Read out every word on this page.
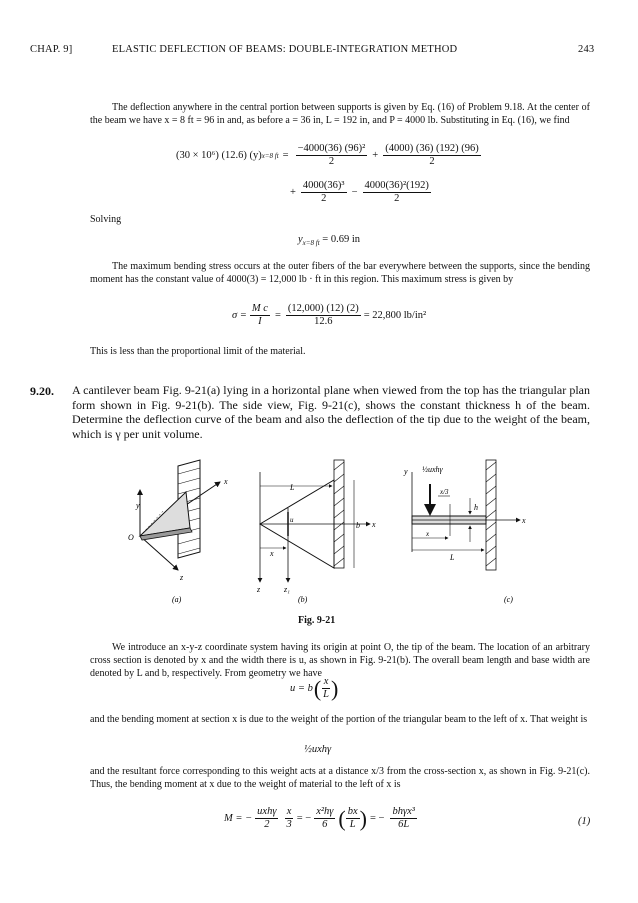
CHAP. 9]	ELASTIC DEFLECTION OF BEAMS: DOUBLE-INTEGRATION METHOD	243
The deflection anywhere in the central portion between supports is given by Eq. (16) of Problem 9.18. At the center of the beam we have x = 8 ft = 96 in and, as before a = 36 in, L = 192 in, and P = 4000 lb. Substituting in Eq. (16), we find
(30 × 10⁶) (12.6) (y) x=8 ft = $\frac{\text{−4000(36) (96)²}}{2} + \frac{(4000) (36) (192) (96)}{2}$
+ $\frac{\text{4000(36)³}}{2} - \frac{\text{4000(36)²(192)}}{2}$
Solving
$y_{x=8 ft} = 0.69$ in
The maximum bending stress occurs at the outer fibers of the bar everywhere between the supports, since the bending moment has the constant value of 4000(3) = 12,000 lb · ft in this region. This maximum stress is given by
$\sigma = \frac{\text{M c}}{I} = \frac{(12,000) (12) (2)}{12.6} = 22,800$ lb/in²
This is less than the proportional limit of the material.
9.20. A cantilever beam Fig. 9-21(a) lying in a horizontal plane when viewed from the top has the triangular plan form shown in Fig. 9-21(b). The side view, Fig. 9-21(c), shows the constant thickness h of the beam. Determine the deflection curve of the beam and also the deflection of the tip due to the weight of the beam, which is γ per unit volume.
y
x
z
O
(a)
L
b
u	x
x
z	z₁
(b)
y ½uxhγ
x/3
h
x
x
L
(c)
Fig. 9-21
We introduce an x-y-z coordinate system having its origin at point O, the tip of the beam. The location of an arbitrary cross section is denoted by x and the width there is u, as shown in Fig. 9-21(b). The overall beam length and base width are denoted by L and b, respectively. From geometry we have
u = b ( $\frac{x}{L}$ )
and the bending moment at section x is due to the weight of the portion of the triangular beam to the left of x. That weight is
½uxhγ
and the resultant force corresponding to this weight acts at a distance x/3 from the cross-section x, as shown in Fig. 9-21(c). Thus, the bending moment at x due to the weight of material to the left of x is
M = − $\frac{\text{uxhγ}}{2} \frac{x}{3}$ = − $\frac{\text{x²hγ}}{6}$ ( $\frac{bx}{L}$ ) = − $\frac{\text{bhγx³}}{6L}$	(1)
